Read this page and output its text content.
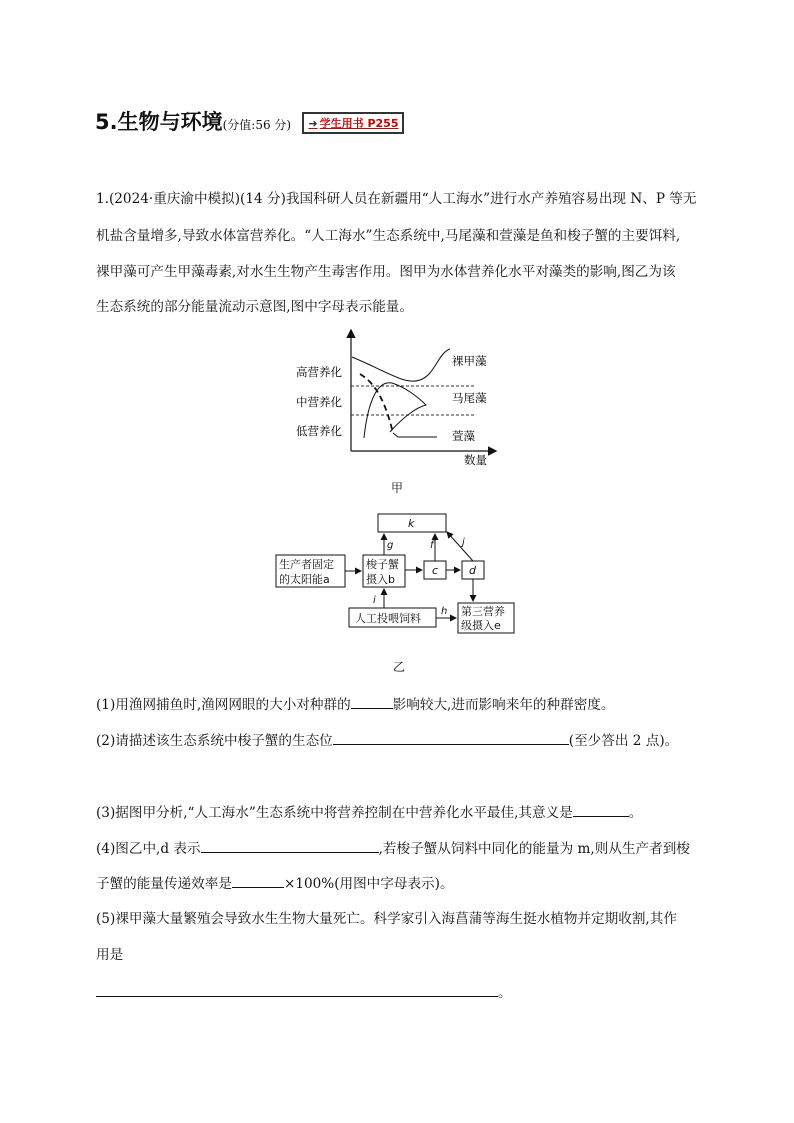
5.生物与环境(分值:56 分) ➜ 学生用书 P255
1.(2024·重庆渝中模拟)(14 分)我国科研人员在新疆用“人工海水”进行水产养殖容易出现 N、P 等无
机盐含量增多,导致水体富营养化。“人工海水”生态系统中,马尾藻和萱藻是鱼和梭子蟹的主要饵料,
裸甲藻可产生甲藻毒素,对水生生物产生毒害作用。图甲为水体营养化水平对藻类的影响,图乙为该
生态系统的部分能量流动示意图,图中字母表示能量。
高营养化
中营养化
低营养化
数量
裸甲藻
马尾藻
萱藻
甲
k
生产者固定
的太阳能a
梭子蟹
摄入b
c	d
人工投喂饲料
第三营养
级摄入e
g	f	j
i
h
乙
(1)用渔网捕鱼时,渔网网眼的大小对种群的	影响较大,进而影响来年的种群密度。
(2)请描述该生态系统中梭子蟹的生态位	(至少答出 2 点)。
(3)据图甲分析,“人工海水”生态系统中将营养控制在中营养化水平最佳,其意义是	。
(4)图乙中,d 表示	,若梭子蟹从饲料中同化的能量为 m,则从生产者到梭
子蟹的能量传递效率是	×100%(用图中字母表示)。
(5)裸甲藻大量繁殖会导致水生生物大量死亡。科学家引入海菖蒲等海生挺水植物并定期收割,其作
用是
。
